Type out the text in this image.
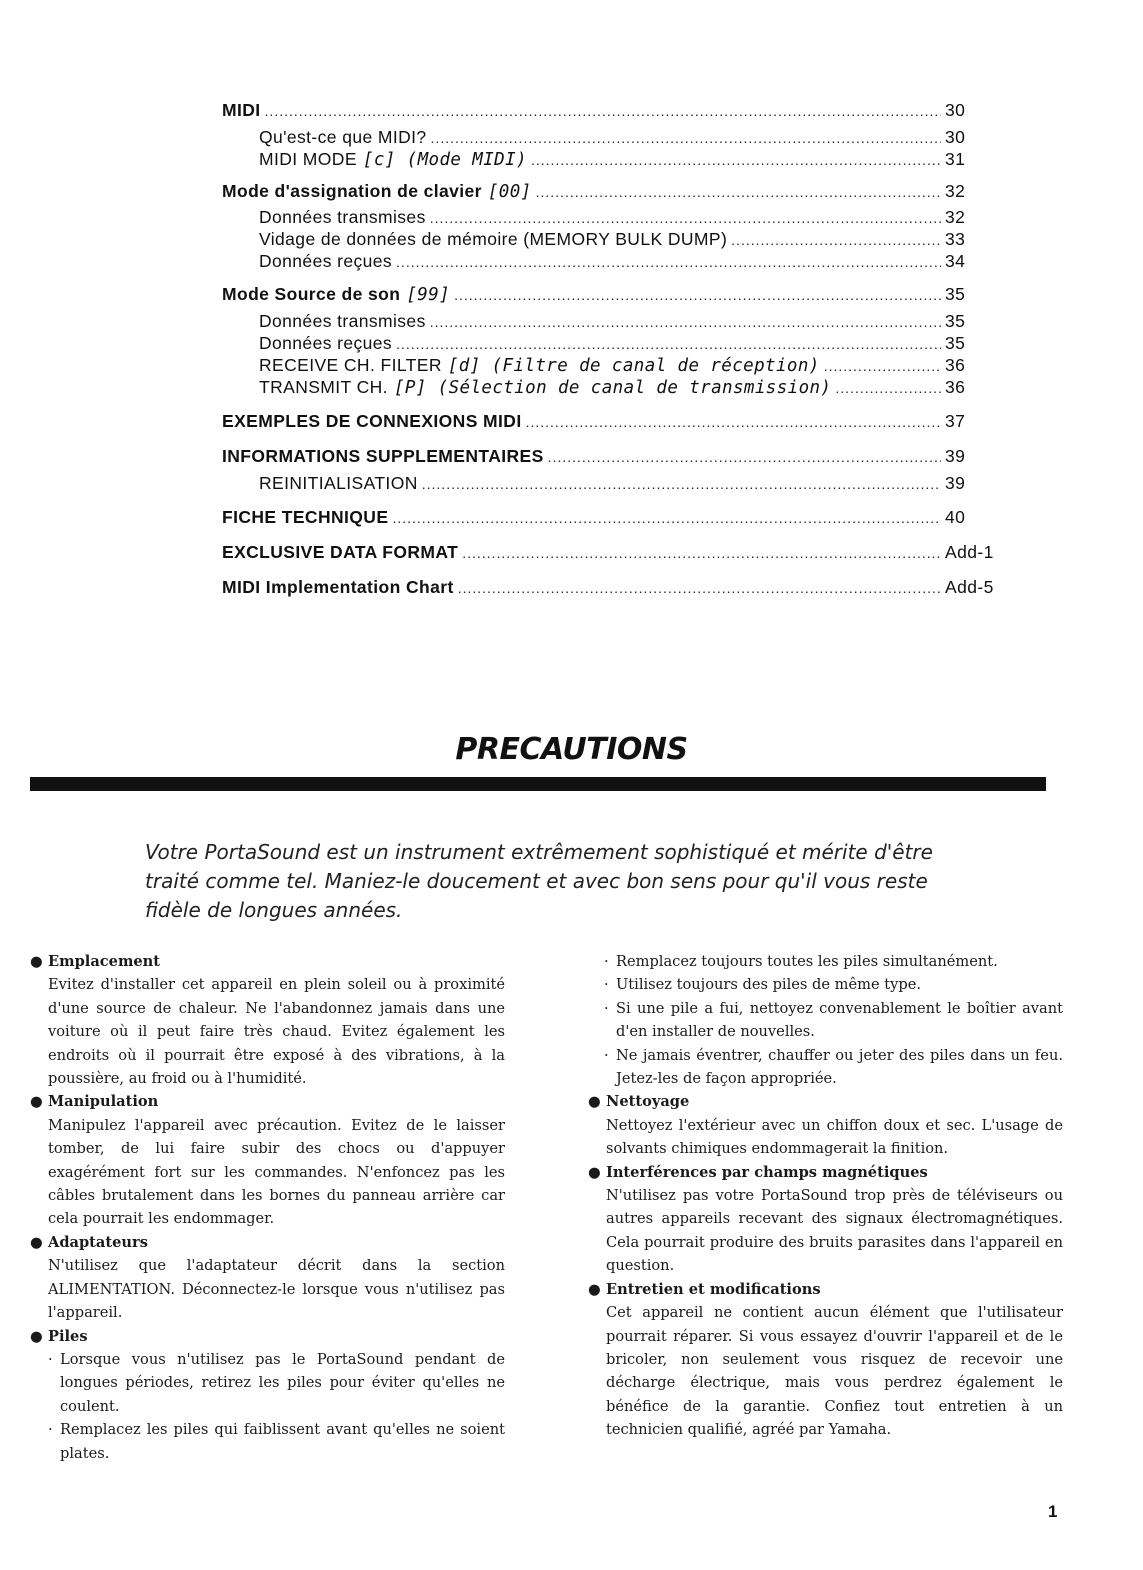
MIDI .....	30
Qu'est-ce que MIDI? .....	30
MIDI MODE [c] (Mode MIDI) .....	31
Mode d'assignation de clavier [00] .....	32
Données transmises .....	32
Vidage de données de mémoire (MEMORY BULK DUMP) .....	33
Données reçues .....	34
Mode Source de son [99] .....	35
Données transmises .....	35
Données reçues .....	35
RECEIVE CH. FILTER [d] (Filtre de canal de réception) .....	36
TRANSMIT CH. [P] (Sélection de canal de transmission) .....	36
EXEMPLES DE CONNEXIONS MIDI .....	37
INFORMATIONS SUPPLEMENTAIRES .....	39
REINITIALISATION .....	39
FICHE TECHNIQUE .....	40
EXCLUSIVE DATA FORMAT .....	Add-1
MIDI Implementation Chart .....	Add-5
PRECAUTIONS
Votre PortaSound est un instrument extrêmement sophistiqué et mérite d'être traité comme tel. Maniez-le doucement et avec bon sens pour qu'il vous reste fidèle de longues années.
● Emplacement
Evitez d'installer cet appareil en plein soleil ou à proximité d'une source de chaleur. Ne l'abandonnez jamais dans une voiture où il peut faire très chaud. Evitez également les endroits où il pourrait être exposé à des vibrations, à la poussière, au froid ou à l'humidité.
● Manipulation
Manipulez l'appareil avec précaution. Evitez de le laisser tomber, de lui faire subir des chocs ou d'appuyer exagérément fort sur les commandes. N'enfoncez pas les câbles brutalement dans les bornes du panneau arrière car cela pourrait les endommager.
● Adaptateurs
N'utilisez que l'adaptateur décrit dans la section ALIMENTATION. Déconnectez-le lorsque vous n'utilisez pas l'appareil.
● Piles
· Lorsque vous n'utilisez pas le PortaSound pendant de longues périodes, retirez les piles pour éviter qu'elles ne coulent.
· Remplacez les piles qui faiblissent avant qu'elles ne soient plates.
· Remplacez toujours toutes les piles simultanément.
· Utilisez toujours des piles de même type.
· Si une pile a fui, nettoyez convenablement le boîtier avant d'en installer de nouvelles.
· Ne jamais éventrer, chauffer ou jeter des piles dans un feu. Jetez-les de façon appropriée.
● Nettoyage
Nettoyez l'extérieur avec un chiffon doux et sec. L'usage de solvants chimiques endommagerait la finition.
● Interférences par champs magnétiques
N'utilisez pas votre PortaSound trop près de téléviseurs ou autres appareils recevant des signaux électromagnétiques. Cela pourrait produire des bruits parasites dans l'appareil en question.
● Entretien et modifications
Cet appareil ne contient aucun élément que l'utilisateur pourrait réparer. Si vous essayez d'ouvrir l'appareil et de le bricoler, non seulement vous risquez de recevoir une décharge électrique, mais vous perdrez également le bénéfice de la garantie. Confiez tout entretien à un technicien qualifié, agréé par Yamaha.
1
